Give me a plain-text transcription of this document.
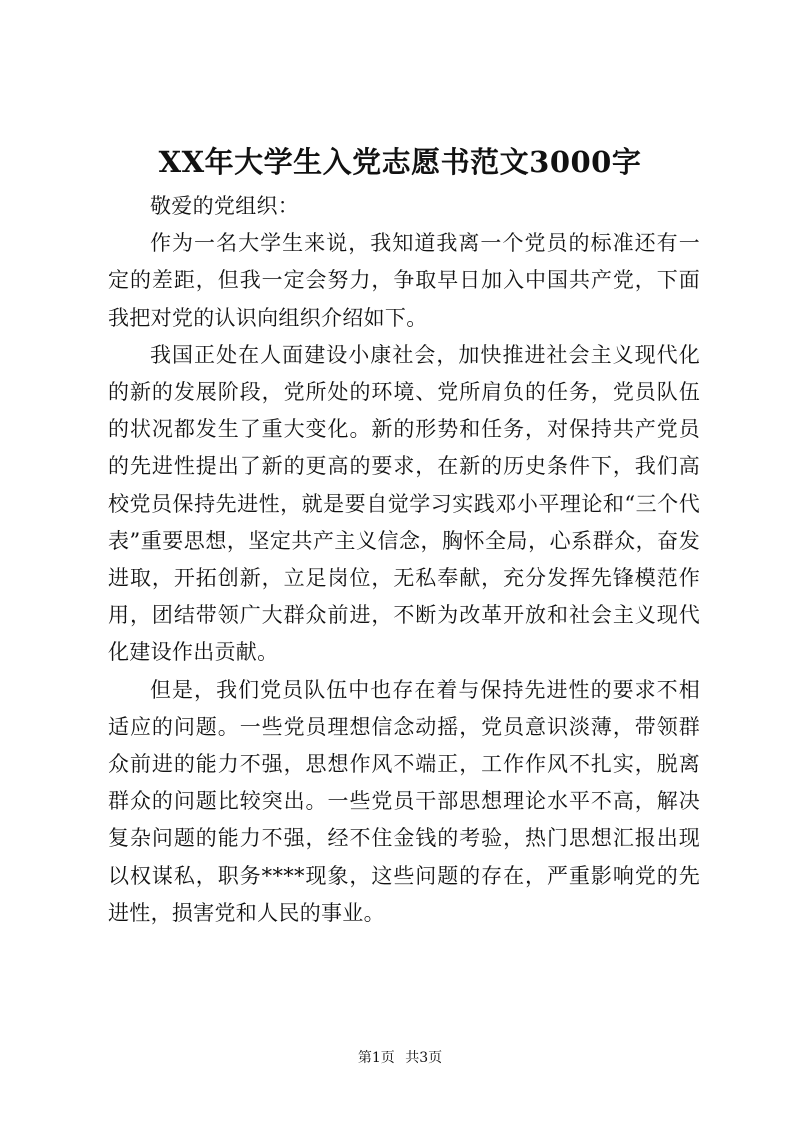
XX年大学生入党志愿书范文3000字

敬爱的党组织：

作为一名大学生来说，我知道我离一个党员的标准还有一定的差距，但我一定会努力，争取早日加入中国共产党，下面我把对党的认识向组织介绍如下。

我国正处在人面建设小康社会，加快推进社会主义现代化的新的发展阶段，党所处的环境、党所肩负的任务，党员队伍的状况都发生了重大变化。新的形势和任务，对保持共产党员的先进性提出了新的更高的要求，在新的历史条件下，我们高校党员保持先进性，就是要自觉学习实践邓小平理论和“三个代表”重要思想，坚定共产主义信念，胸怀全局，心系群众，奋发进取，开拓创新，立足岗位，无私奉献，充分发挥先锋模范作用，团结带领广大群众前进，不断为改革开放和社会主义现代化建设作出贡献。

但是，我们党员队伍中也存在着与保持先进性的要求不相适应的问题。一些党员理想信念动摇，党员意识淡薄，带领群众前进的能力不强，思想作风不端正，工作作风不扎实，脱离群众的问题比较突出。一些党员干部思想理论水平不高，解决复杂问题的能力不强，经不住金钱的考验，热门思想汇报出现以权谋私，职务****现象，这些问题的存在，严重影响党的先进性，损害党和人民的事业。

第1页 共3页
